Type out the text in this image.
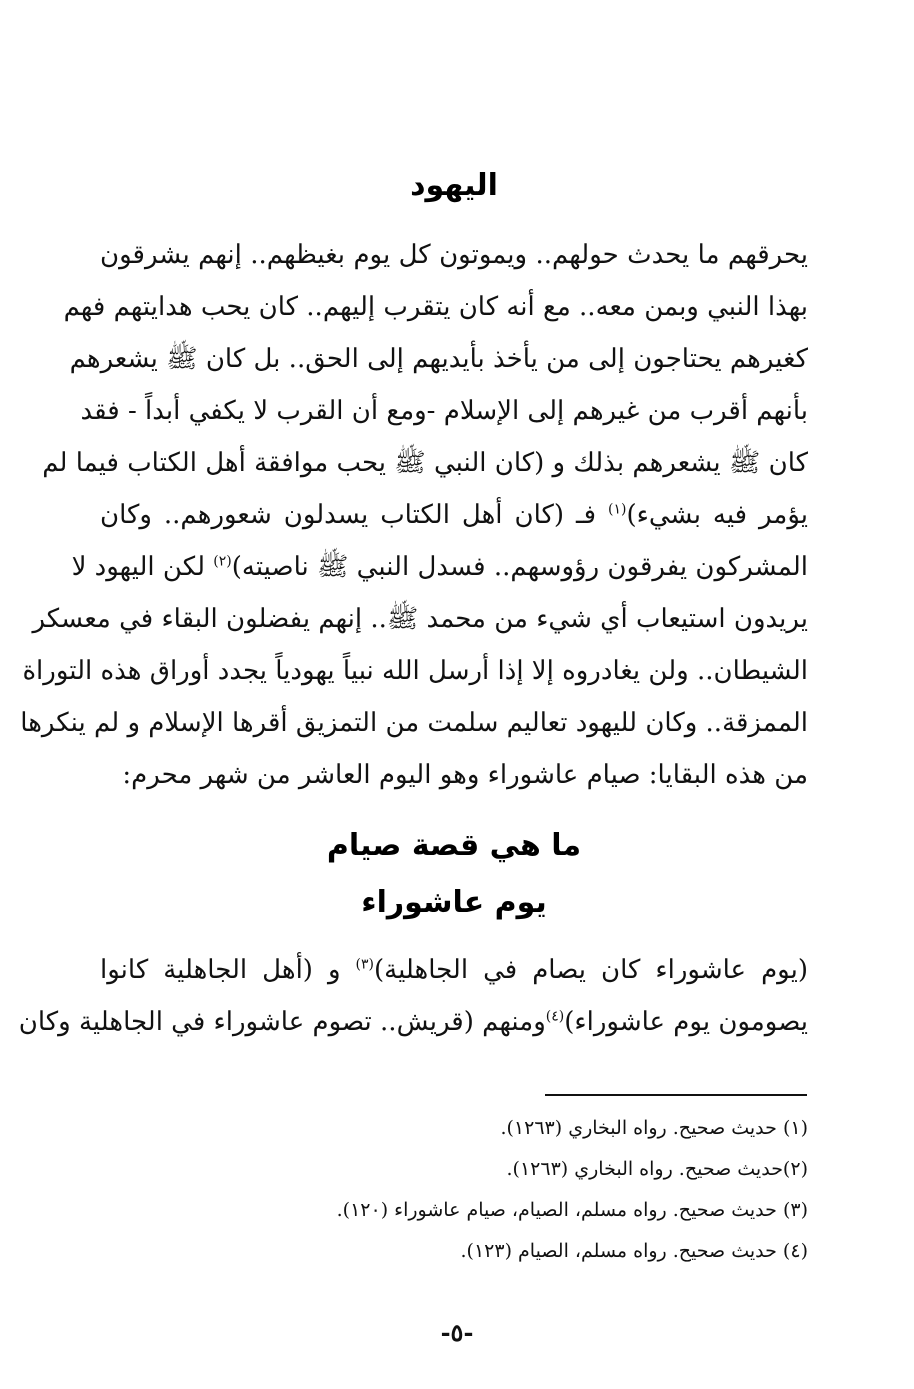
اليهود
يحرقهم ما يحدث حولهم.. ويموتون كل يوم بغيظهم.. إنهم يشرقون
بهذا النبي وبمن معه.. مع أنه كان يتقرب إليهم.. كان يحب هدايتهم فهم
كغيرهم يحتاجون إلى من يأخذ بأيديهم إلى الحق.. بل كان ﷺ يشعرهم
بأنهم أقرب من غيرهم إلى الإسلام -ومع أن القرب لا يكفي أبداً - فقد
كان ﷺ يشعرهم بذلك و (كان النبي ﷺ يحب موافقة أهل الكتاب فيما لم
يؤمر فيه بشيء)$^{(١)}$ فـ (كان أهل الكتاب يسدلون شعورهم.. وكان
المشركون يفرقون رؤوسهم.. فسدل النبي ﷺ ناصيته)$^{(٢)}$ لكن اليهود لا
يريدون استيعاب أي شيء من محمد ﷺ.. إنهم يفضلون البقاء في معسكر
الشيطان.. ولن يغادروه إلا إذا أرسل الله نبياً يهودياً يجدد أوراق هذه التوراة
الممزقة.. وكان لليهود تعاليم سلمت من التمزيق أقرها الإسلام و لم ينكرها
من هذه البقايا: صيام عاشوراء وهو اليوم العاشر من شهر محرم:
ما هي قصة صيام
يوم عاشوراء
(يوم عاشوراء كان يصام في الجاهلية)$^{(٣)}$ و (أهل الجاهلية كانوا
يصومون يوم عاشوراء)$^{(٤)}$ومنهم (قريش.. تصوم عاشوراء في الجاهلية وكان
(١) حديث صحيح. رواه البخاري (١٢٦٣).
(٢)حديث صحيح. رواه البخاري (١٢٦٣).
(٣) حديث صحيح. رواه مسلم، الصيام، صيام عاشوراء (١٢٠).
(٤) حديث صحيح. رواه مسلم، الصيام (١٢٣).
-٥-
